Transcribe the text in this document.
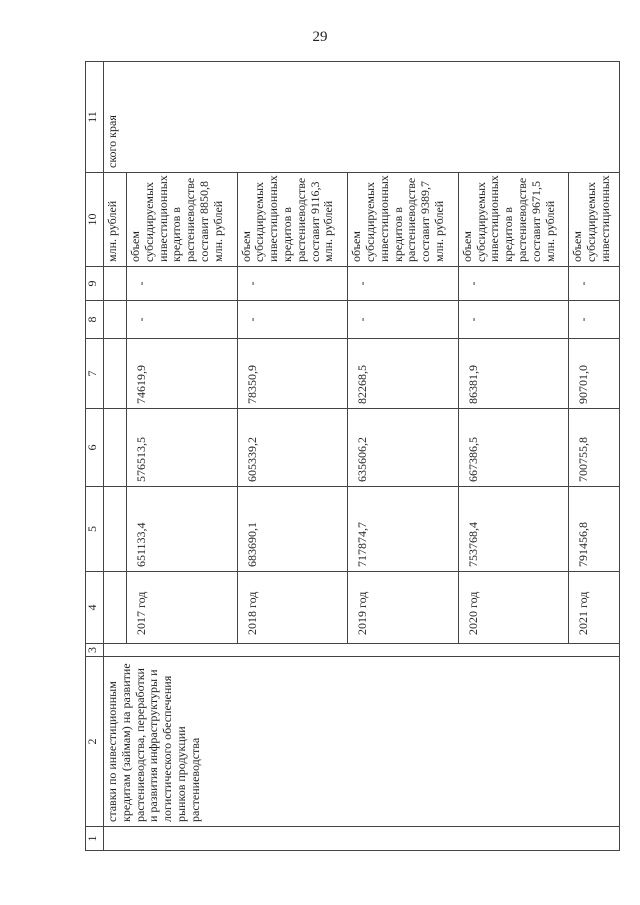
29
1	2	3	4	5	6	7	8	9	10	11
	ставки по инвестиционным кредитам (займам) на развитие растениеводства, переработки и развития инфраструктуры и логистического обеспечения рынков продукции растениеводства								млн. рублей	ского края
			2017 год	651133,4	576513,5	74619,9	-	-	объем субсидируемых инвестиционных кредитов в растениеводстве составит 8850,8 млн. рублей	
			2018 год	683690,1	605339,2	78350,9	-	-	объем субсидируемых инвестиционных кредитов в растениеводстве составит 9116,3 млн. рублей	
			2019 год	717874,7	635606,2	82268,5	-	-	объем субсидируемых инвестиционных кредитов в растениеводстве составит 9389,7 млн. рублей	
			2020 год	753768,4	667386,5	86381,9	-	-	объем субсидируемых инвестиционных кредитов в растениеводстве составит 9671,5 млн. рублей	
			2021 год	791456,8	700755,8	90701,0	-	-	объем субсидируемых инвестиционных	
